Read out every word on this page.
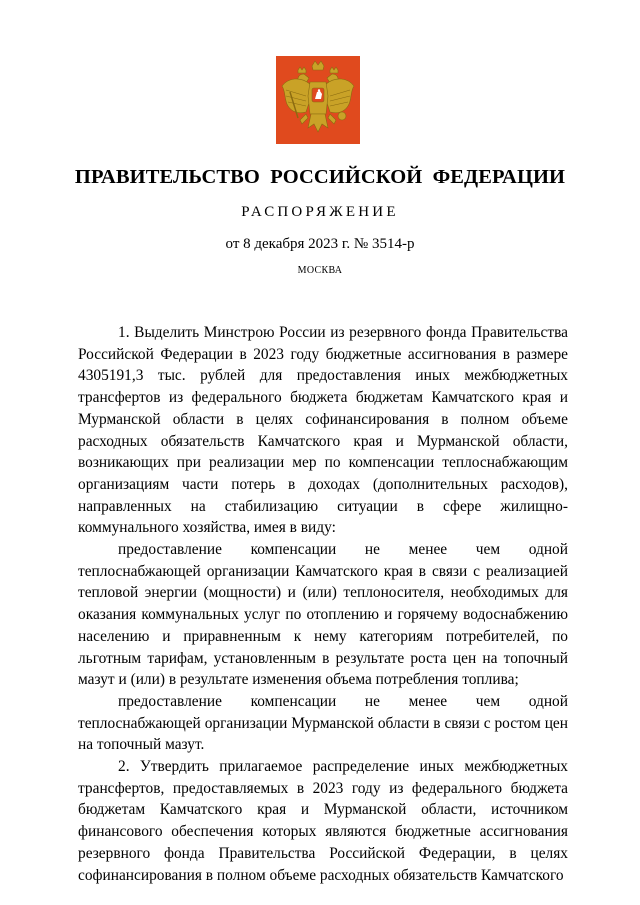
ПРАВИТЕЛЬСТВО РОССИЙСКОЙ ФЕДЕРАЦИИ
РАСПОРЯЖЕНИЕ
от 8 декабря 2023 г. № 3514-р
МОСКВА

1. Выделить Минстрою России из резервного фонда Правительства Российской Федерации в 2023 году бюджетные ассигнования в размере 4305191,3 тыс. рублей для предоставления иных межбюджетных трансфертов из федерального бюджета бюджетам Камчатского края и Мурманской области в целях софинансирования в полном объеме расходных обязательств Камчатского края и Мурманской области, возникающих при реализации мер по компенсации теплоснабжающим организациям части потерь в доходах (дополнительных расходов), направленных на стабилизацию ситуации в сфере жилищно-коммунального хозяйства, имея в виду:

предоставление компенсации не менее чем одной теплоснабжающей организации Камчатского края в связи с реализацией тепловой энергии (мощности) и (или) теплоносителя, необходимых для оказания коммунальных услуг по отоплению и горячему водоснабжению населению и приравненным к нему категориям потребителей, по льготным тарифам, установленным в результате роста цен на топочный мазут и (или) в результате изменения объема потребления топлива;

предоставление компенсации не менее чем одной теплоснабжающей организации Мурманской области в связи с ростом цен на топочный мазут.

2. Утвердить прилагаемое распределение иных межбюджетных трансфертов, предоставляемых в 2023 году из федерального бюджета бюджетам Камчатского края и Мурманской области, источником финансового обеспечения которых являются бюджетные ассигнования резервного фонда Правительства Российской Федерации, в целях софинансирования в полном объеме расходных обязательств Камчатского
